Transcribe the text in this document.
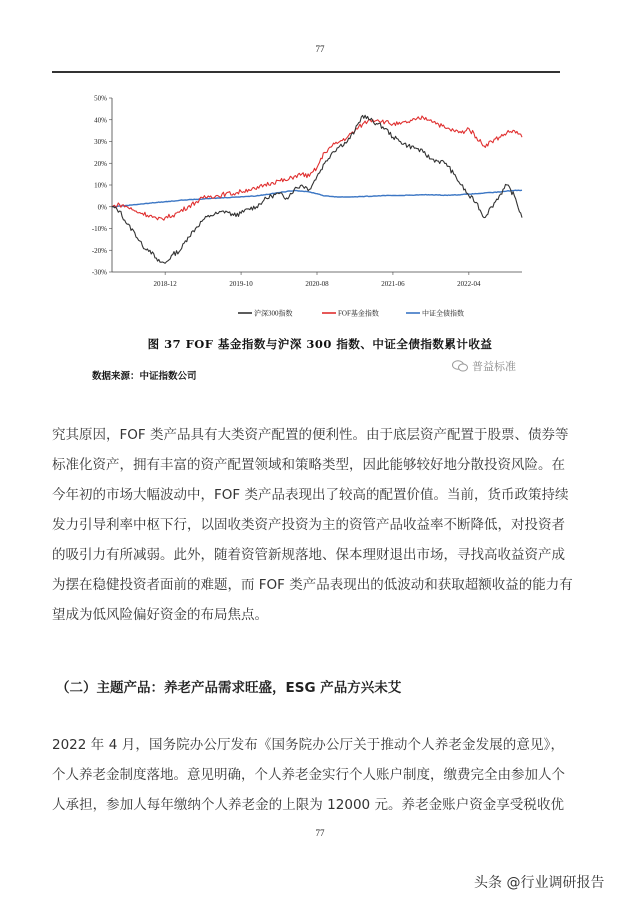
77
50%
40%
30%
20%
10%
0%
-10%
-20%
-30%
2018-12	2019-10	2020-08	2021-06	2022-04
沪深300指数	FOF基金指数	中证全债指数
图 37 FOF 基金指数与沪深 300 指数、中证全债指数累计收益
数据来源：中证指数公司
普益标准
究其原因，FOF 类产品具有大类资产配置的便利性。由于底层资产配置于股票、债券等
标准化资产，拥有丰富的资产配置领域和策略类型，因此能够较好地分散投资风险。在
今年初的市场大幅波动中，FOF 类产品表现出了较高的配置价值。当前，货币政策持续
发力引导利率中枢下行，以固收类资产投资为主的资管产品收益率不断降低，对投资者
的吸引力有所减弱。此外，随着资管新规落地、保本理财退出市场，寻找高收益资产成
为摆在稳健投资者面前的难题，而 FOF 类产品表现出的低波动和获取超额收益的能力有
望成为低风险偏好资金的布局焦点。
（二）主题产品：养老产品需求旺盛，ESG 产品方兴未艾
2022 年 4 月，国务院办公厅发布《国务院办公厅关于推动个人养老金发展的意见》，
个人养老金制度落地。意见明确，个人养老金实行个人账户制度，缴费完全由参加人个
人承担，参加人每年缴纳个人养老金的上限为 12000 元。养老金账户资金享受税收优
77
头条 @行业调研报告
